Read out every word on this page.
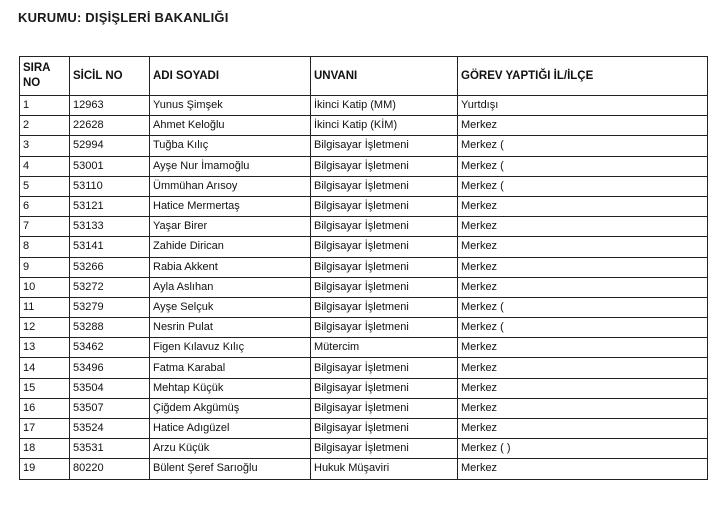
KURUMU: DIŞİŞLERİ BAKANLIĞI
SIRA
NO	SİCİL NO	ADI SOYADI	UNVANI	GÖREV YAPTIĞI İL/İLÇE
1	12963	Yunus Şimşek	İkinci Katip (MM)	Yurtdışı
2	22628	Ahmet Keloğlu	İkinci Katip (KİM)	Merkez
3	52994	Tuğba Kılıç	Bilgisayar İşletmeni	Merkez (
4	53001	Ayşe Nur İmamoğlu	Bilgisayar İşletmeni	Merkez (
5	53110	Ümmühan Arısoy	Bilgisayar İşletmeni	Merkez (
6	53121	Hatice Mermertaş	Bilgisayar İşletmeni	Merkez
7	53133	Yaşar Birer	Bilgisayar İşletmeni	Merkez
8	53141	Zahide Dirican	Bilgisayar İşletmeni	Merkez
9	53266	Rabia Akkent	Bilgisayar İşletmeni	Merkez
10	53272	Ayla Aslıhan	Bilgisayar İşletmeni	Merkez
11	53279	Ayşe Selçuk	Bilgisayar İşletmeni	Merkez (
12	53288	Nesrin Pulat	Bilgisayar İşletmeni	Merkez (
13	53462	Figen Kılavuz Kılıç	Mütercim	Merkez
14	53496	Fatma Karabal	Bilgisayar İşletmeni	Merkez
15	53504	Mehtap Küçük	Bilgisayar İşletmeni	Merkez
16	53507	Çiğdem Akgümüş	Bilgisayar İşletmeni	Merkez
17	53524	Hatice Adıgüzel	Bilgisayar İşletmeni	Merkez
18	53531	Arzu Küçük	Bilgisayar İşletmeni	Merkez ( )
19	80220	Bülent Şeref Sarıoğlu	Hukuk Müşaviri	Merkez
